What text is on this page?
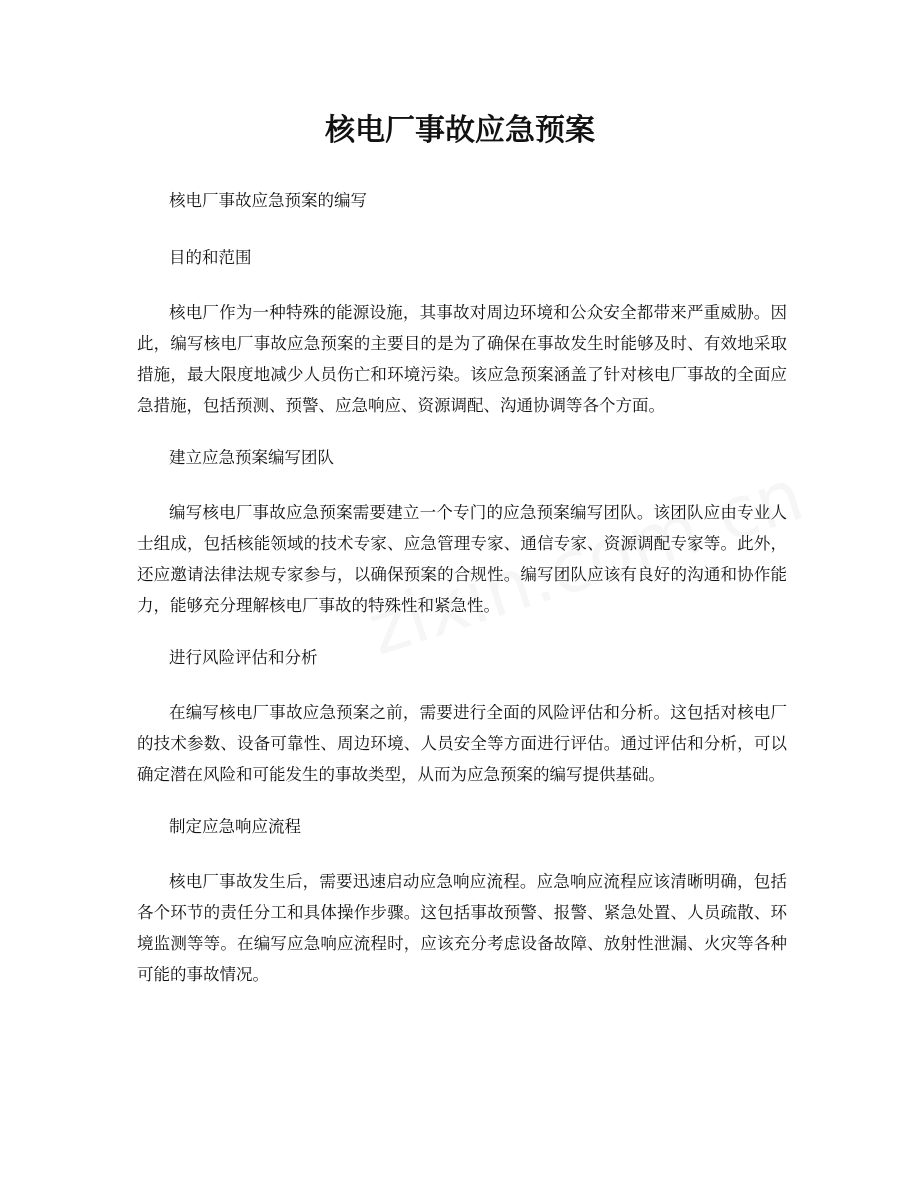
核电厂事故应急预案

核电厂事故应急预案的编写

目的和范围

核电厂作为一种特殊的能源设施，其事故对周边环境和公众安全都带来严重威胁。因此，编写核电厂事故应急预案的主要目的是为了确保在事故发生时能够及时、有效地采取措施，最大限度地减少人员伤亡和环境污染。该应急预案涵盖了针对核电厂事故的全面应急措施，包括预测、预警、应急响应、资源调配、沟通协调等各个方面。

建立应急预案编写团队

编写核电厂事故应急预案需要建立一个专门的应急预案编写团队。该团队应由专业人士组成，包括核能领域的技术专家、应急管理专家、通信专家、资源调配专家等。此外，还应邀请法律法规专家参与，以确保预案的合规性。编写团队应该有良好的沟通和协作能力，能够充分理解核电厂事故的特殊性和紧急性。

进行风险评估和分析

在编写核电厂事故应急预案之前，需要进行全面的风险评估和分析。这包括对核电厂的技术参数、设备可靠性、周边环境、人员安全等方面进行评估。通过评估和分析，可以确定潜在风险和可能发生的事故类型，从而为应急预案的编写提供基础。

制定应急响应流程

核电厂事故发生后，需要迅速启动应急响应流程。应急响应流程应该清晰明确，包括各个环节的责任分工和具体操作步骤。这包括事故预警、报警、紧急处置、人员疏散、环境监测等等。在编写应急响应流程时，应该充分考虑设备故障、放射性泄漏、火灾等各种可能的事故情况。
